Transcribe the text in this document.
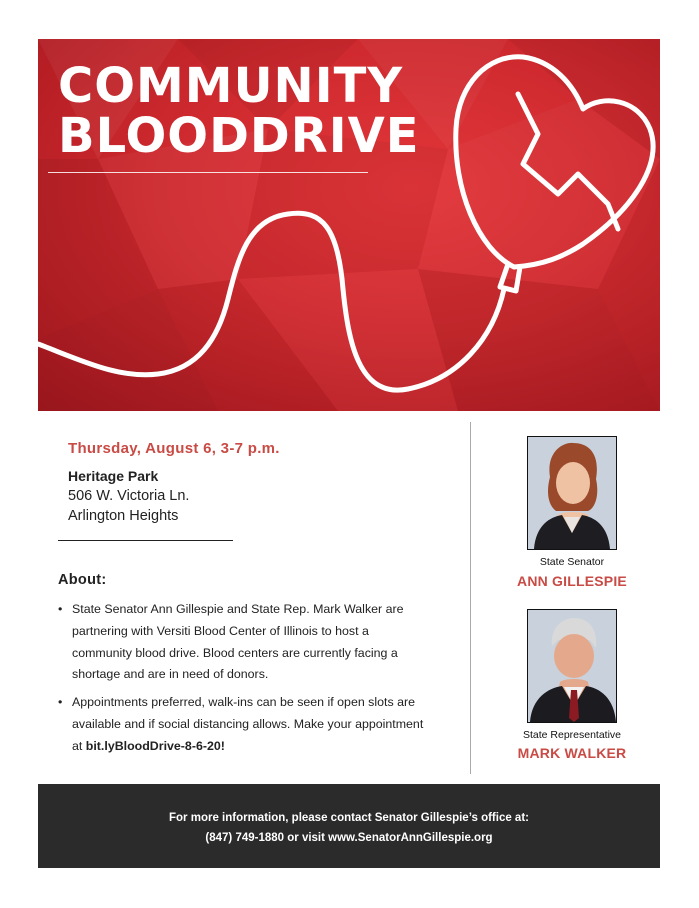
COMMUNITY
BLOODDRIVE
Thursday, August 6, 3-7 p.m.
Heritage Park
506 W. Victoria Ln.
Arlington Heights
About:
• State Senator Ann Gillespie and State Rep. Mark Walker are partnering with Versiti Blood Center of Illinois to host a community blood drive. Blood centers are currently facing a shortage and are in need of donors.
• Appointments preferred, walk-ins can be seen if open slots are available and if social distancing allows. Make your appointment at bit.lyBloodDrive-8-6-20!
State Senator
ANN GILLESPIE
State Representative
MARK WALKER
For more information, please contact Senator Gillespie’s office at:
(847) 749-1880 or visit www.SenatorAnnGillespie.org
